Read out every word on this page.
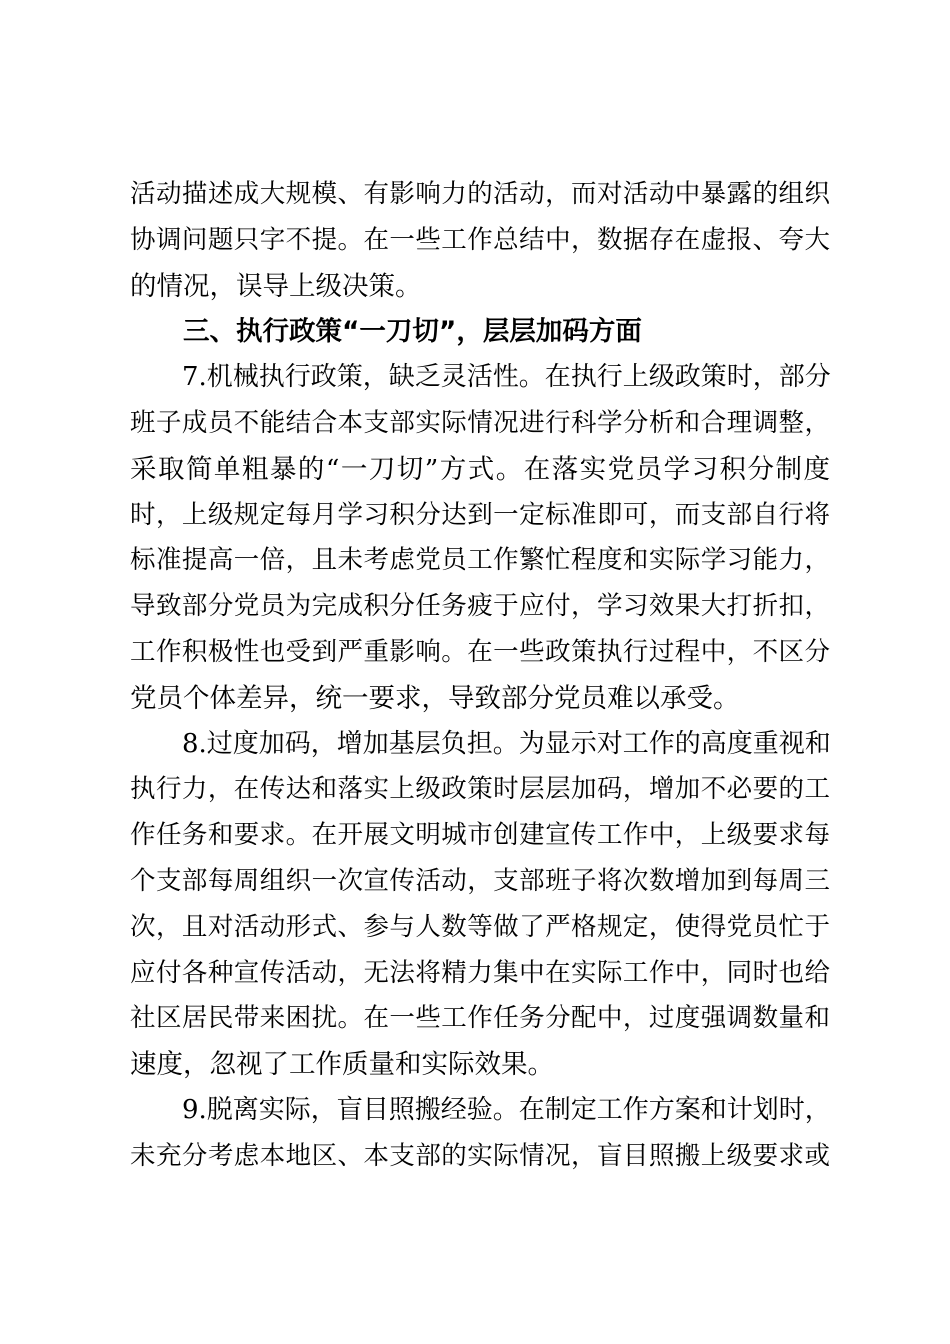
活动描述成大规模、有影响力的活动，而对活动中暴露的组织
协调问题只字不提。在一些工作总结中，数据存在虚报、夸大
的情况，误导上级决策。
三、执行政策“一刀切”，层层加码方面
7.机械执行政策，缺乏灵活性。在执行上级政策时，部分
班子成员不能结合本支部实际情况进行科学分析和合理调整，
采取简单粗暴的“一刀切”方式。在落实党员学习积分制度
时，上级规定每月学习积分达到一定标准即可，而支部自行将
标准提高一倍，且未考虑党员工作繁忙程度和实际学习能力，
导致部分党员为完成积分任务疲于应付，学习效果大打折扣，
工作积极性也受到严重影响。在一些政策执行过程中，不区分
党员个体差异，统一要求，导致部分党员难以承受。
8.过度加码，增加基层负担。为显示对工作的高度重视和
执行力，在传达和落实上级政策时层层加码，增加不必要的工
作任务和要求。在开展文明城市创建宣传工作中，上级要求每
个支部每周组织一次宣传活动，支部班子将次数增加到每周三
次，且对活动形式、参与人数等做了严格规定，使得党员忙于
应付各种宣传活动，无法将精力集中在实际工作中，同时也给
社区居民带来困扰。在一些工作任务分配中，过度强调数量和
速度，忽视了工作质量和实际效果。
9.脱离实际，盲目照搬经验。在制定工作方案和计划时，
未充分考虑本地区、本支部的实际情况，盲目照搬上级要求或
